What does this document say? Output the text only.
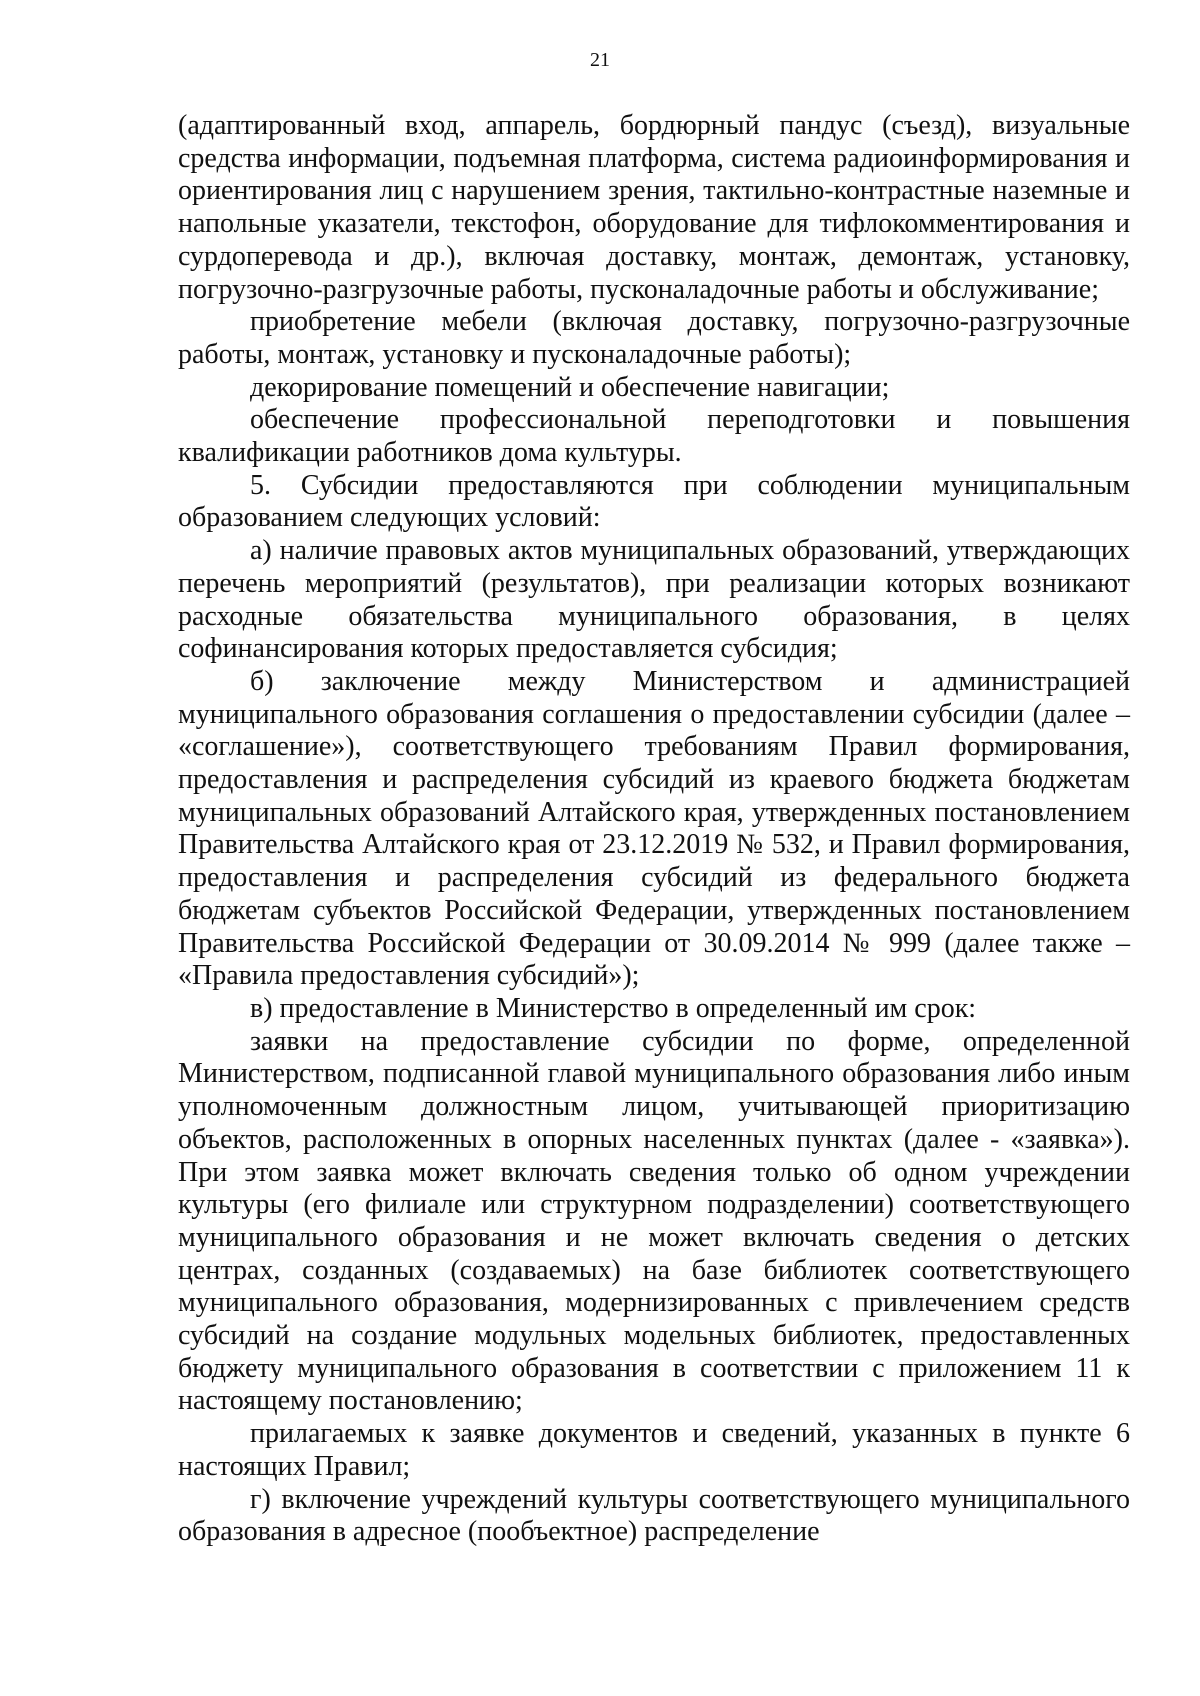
21

(адаптированный вход, аппарель, бордюрный пандус (съезд), визуальные средства информации, подъемная платформа, система радиоинформирования и ориентирования лиц с нарушением зрения, тактильно-контрастные наземные и напольные указатели, текстофон, оборудование для тифлокомментирования и сурдоперевода и др.), включая доставку, монтаж, демонтаж, установку, погрузочно-разгрузочные работы, пусконаладочные работы и обслуживание;

приобретение мебели (включая доставку, погрузочно-разгрузочные работы, монтаж, установку и пусконаладочные работы);

декорирование помещений и обеспечение навигации;

обеспечение профессиональной переподготовки и повышения квалификации работников дома культуры.

5. Субсидии предоставляются при соблюдении муниципальным образованием следующих условий:

а) наличие правовых актов муниципальных образований, утверждающих перечень мероприятий (результатов), при реализации которых возникают расходные обязательства муниципального образования, в целях софинансирования которых предоставляется субсидия;

б) заключение между Министерством и администрацией муниципального образования соглашения о предоставлении субсидии (далее – «соглашение»), соответствующего требованиям Правил формирования, предоставления и распределения субсидий из краевого бюджета бюджетам муниципальных образований Алтайского края, утвержденных постановлением Правительства Алтайского края от 23.12.2019 № 532, и Правил формирования, предоставления и распределения субсидий из федерального бюджета бюджетам субъектов Российской Федерации, утвержденных постановлением Правительства Российской Федерации от 30.09.2014 № 999 (далее также – «Правила предоставления субсидий»);

в) предоставление в Министерство в определенный им срок:

заявки на предоставление субсидии по форме, определенной Министерством, подписанной главой муниципального образования либо иным уполномоченным должностным лицом, учитывающей приоритизацию объектов, расположенных в опорных населенных пунктах (далее - «заявка»). При этом заявка может включать сведения только об одном учреждении культуры (его филиале или структурном подразделении) соответствующего муниципального образования и не может включать сведения о детских центрах, созданных (создаваемых) на базе библиотек соответствующего муниципального образования, модернизированных с привлечением средств субсидий на создание модульных модельных библиотек, предоставленных бюджету муниципального образования в соответствии с приложением 11 к настоящему постановлению;

прилагаемых к заявке документов и сведений, указанных в пункте 6 настоящих Правил;

г) включение учреждений культуры соответствующего муниципального образования в адресное (пообъектное) распределение
